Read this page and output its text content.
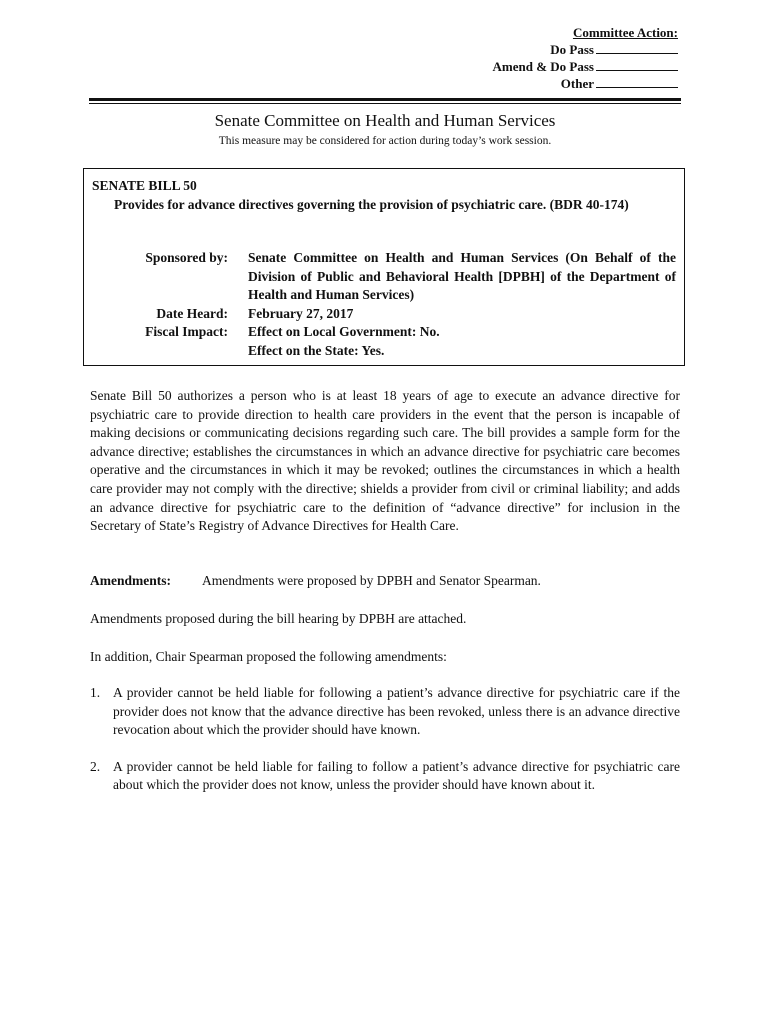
Committee Action:
Do Pass
Amend & Do Pass
Other
Senate Committee on Health and Human Services
This measure may be considered for action during today’s work session.
SENATE BILL 50
Provides for advance directives governing the provision of psychiatric care. (BDR 40-174)
Sponsored by:	Senate Committee on Health and Human Services (On Behalf of the Division of Public and Behavioral Health [DPBH] of the Department of Health and Human Services)
Date Heard:	February 27, 2017
Fiscal Impact:	Effect on Local Government: No.
Effect on the State: Yes.
Senate Bill 50 authorizes a person who is at least 18 years of age to execute an advance directive for psychiatric care to provide direction to health care providers in the event that the person is incapable of making decisions or communicating decisions regarding such care. The bill provides a sample form for the advance directive; establishes the circumstances in which an advance directive for psychiatric care becomes operative and the circumstances in which it may be revoked; outlines the circumstances in which a health care provider may not comply with the directive; shields a provider from civil or criminal liability; and adds an advance directive for psychiatric care to the definition of “advance directive” for inclusion in the Secretary of State’s Registry of Advance Directives for Health Care.
Amendments: Amendments were proposed by DPBH and Senator Spearman.
Amendments proposed during the bill hearing by DPBH are attached.
In addition, Chair Spearman proposed the following amendments:
1. A provider cannot be held liable for following a patient’s advance directive for psychiatric care if the provider does not know that the advance directive has been revoked, unless there is an advance directive revocation about which the provider should have known.
2. A provider cannot be held liable for failing to follow a patient’s advance directive for psychiatric care about which the provider does not know, unless the provider should have known about it.
